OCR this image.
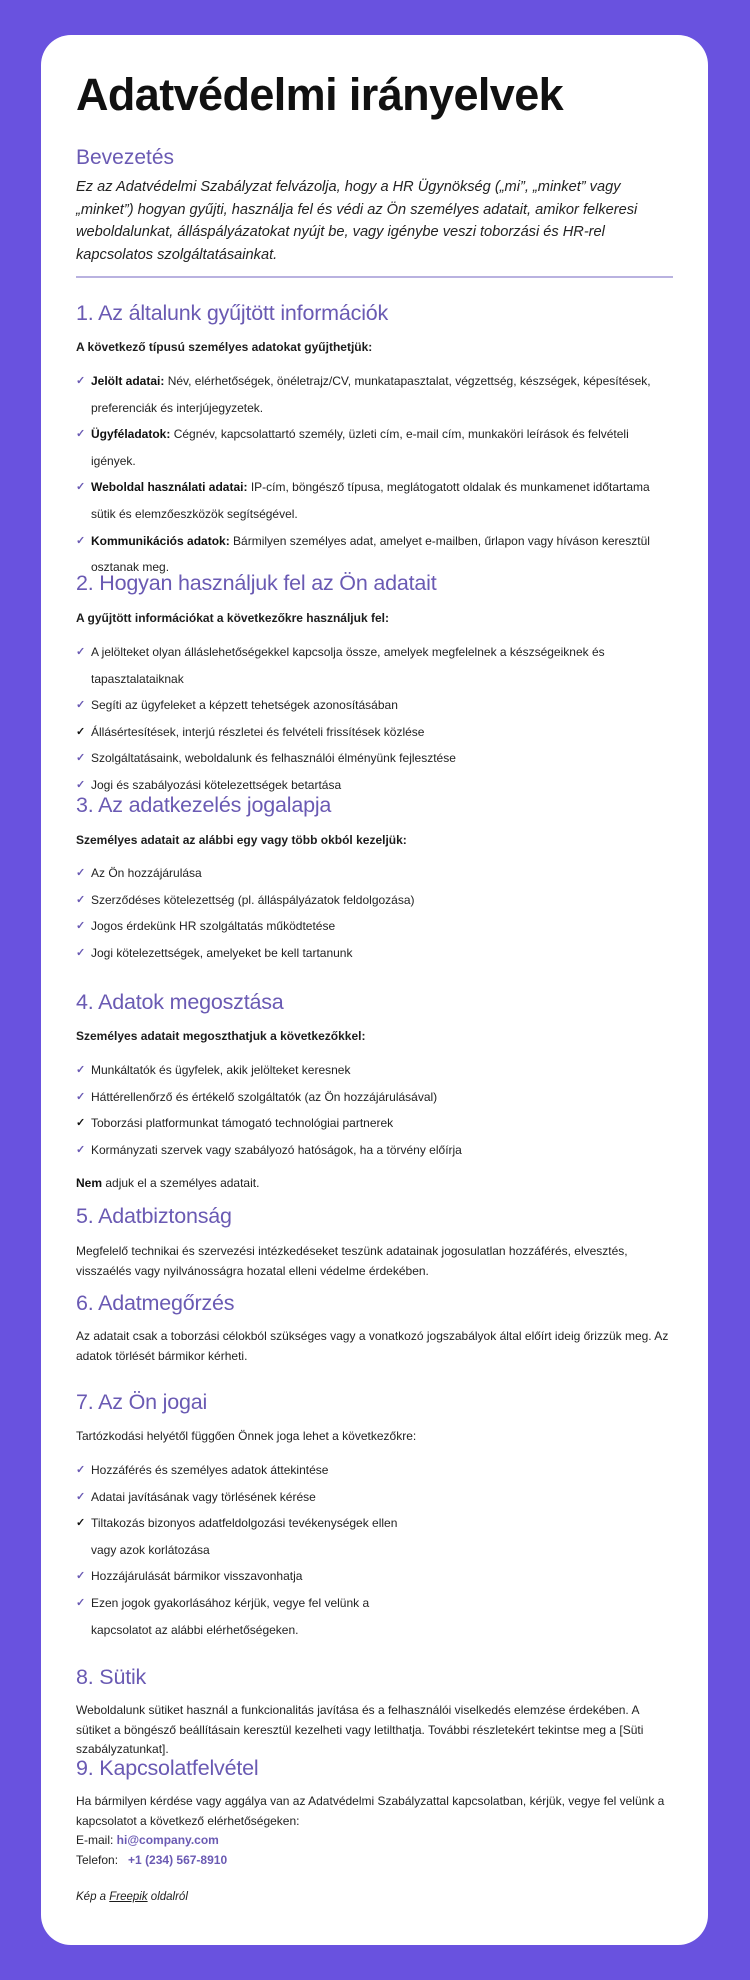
Adatvédelmi irányelvek
Bevezetés

Ez az Adatvédelmi Szabályzat felvázolja, hogy a HR Ügynökség („mi”, „minket” vagy „minket”) hogyan gyűjti, használja fel és védi az Ön személyes adatait, amikor felkeresi weboldalunkat, álláspályázatokat nyújt be, vagy igénybe veszi toborzási és HR-rel kapcsolatos szolgáltatásainkat.

1. Az általunk gyűjtött információk

A következő típusú személyes adatokat gyűjthetjük:

✓ Jelölt adatai: Név, elérhetőségek, önéletrajz/CV, munkatapasztalat, végzettség, készségek, képesítések, preferenciák és interjújegyzetek.
✓ Ügyféladatok: Cégnév, kapcsolattartó személy, üzleti cím, e-mail cím, munkaköri leírások és felvételi igények.
✓ Weboldal használati adatai: IP-cím, böngésző típusa, meglátogatott oldalak és munkamenet időtartama sütik és elemzőeszközök segítségével.
✓ Kommunikációs adatok: Bármilyen személyes adat, amelyet e-mailben, űrlapon vagy híváson keresztül osztanak meg.
2. Hogyan használjuk fel az Ön adatait

A gyűjtött információkat a következőkre használjuk fel:

✓ A jelölteket olyan álláslehetőségekkel kapcsolja össze, amelyek megfelelnek a készségeiknek és tapasztalataiknak
✓ Segíti az ügyfeleket a képzett tehetségek azonosításában
✓ Állásértesítések, interjú részletei és felvételi frissítések közlése
✓ Szolgáltatásaink, weboldalunk és felhasználói élményünk fejlesztése
✓ Jogi és szabályozási kötelezettségek betartása
3. Az adatkezelés jogalapja

Személyes adatait az alábbi egy vagy több okból kezeljük:

✓ Az Ön hozzájárulása
✓ Szerződéses kötelezettség (pl. álláspályázatok feldolgozása)
✓ Jogos érdekünk HR szolgáltatás működtetése
✓ Jogi kötelezettségek, amelyeket be kell tartanunk
4. Adatok megosztása

Személyes adatait megoszthatjuk a következőkkel:

✓ Munkáltatók és ügyfelek, akik jelölteket keresnek
✓ Háttérellenőrző és értékelő szolgáltatók (az Ön hozzájárulásával)
✓ Toborzási platformunkat támogató technológiai partnerek
✓ Kormányzati szervek vagy szabályozó hatóságok, ha a törvény előírja

Nem adjuk el a személyes adatait.

5. Adatbiztonság

Megfelelő technikai és szervezési intézkedéseket teszünk adatainak jogosulatlan hozzáférés, elvesztés, visszaélés vagy nyilvánosságra hozatal elleni védelme érdekében.

6. Adatmegőrzés

Az adatait csak a toborzási célokból szükséges vagy a vonatkozó jogszabályok által előírt ideig őrizzük meg. Az adatok törlését bármikor kérheti.

7. Az Ön jogai

Tartózkodási helyétől függően Önnek joga lehet a következőkre:

✓ Hozzáférés és személyes adatok áttekintése
✓ Adatai javításának vagy törlésének kérése
✓ Tiltakozás bizonyos adatfeldolgozási tevékenységek ellen vagy azok korlátozása
✓ Hozzájárulását bármikor visszavonhatja
✓ Ezen jogok gyakorlásához kérjük, vegye fel velünk a kapcsolatot az alábbi elérhetőségeken.
8. Sütik

Weboldalunk sütiket használ a funkcionalitás javítása és a felhasználói viselkedés elemzése érdekében. A sütiket a böngésző beállításain keresztül kezelheti vagy letilthatja. További részletekért tekintse meg a [Süti szabályzatunkat].

9. Kapcsolatfelvétel
Ha bármilyen kérdése vagy aggálya van az Adatvédelmi Szabályzattal kapcsolatban, kérjük, vegye fel velünk a kapcsolatot a következő elérhetőségeken:
E-mail: hi@company.com
Telefon:   +1 (234) 567-8910

Kép a Freepik oldalról
